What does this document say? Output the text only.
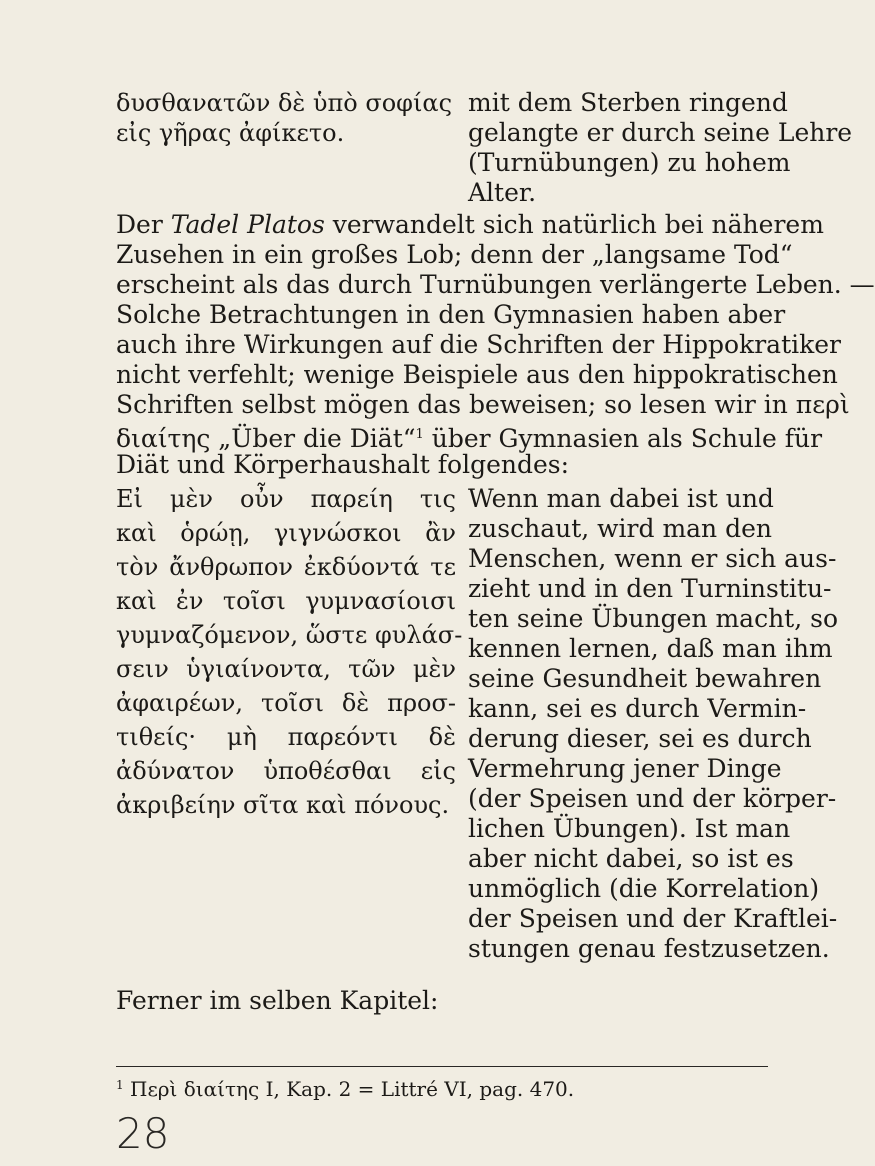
δυσθανατῶν δὲ ὑπὸ σοφίας
εἰς γῆρας ἀφίκετο.
mit dem Sterben ringend
gelangte er durch seine Lehre
(Turnübungen) zu hohem
Alter.
Der Tadel Platos verwandelt sich natürlich bei näherem
Zusehen in ein großes Lob; denn der „langsame Tod“
erscheint als das durch Turnübungen verlängerte Leben. —
Solche Betrachtungen in den Gymnasien haben aber
auch ihre Wirkungen auf die Schriften der Hippokratiker
nicht verfehlt; wenige Beispiele aus den hippokratischen
Schriften selbst mögen das beweisen; so lesen wir in περὶ
διαίτης „Über die Diät“$^1$ über Gymnasien als Schule für
Diät und Körperhaushalt folgendes:
Εἰ μὲν οὖν παρείη τις
καὶ ὁρώῃ, γιγνώσκοι ἂν
τὸν ἄνθρωπον ἐκδύοντά τε
καὶ ἐν τοῖσι γυμνασίοισι
γυμναζόμενον, ὥστε φυλάσ-
σειν ὑγιαίνοντα, τῶν μὲν
ἀφαιρέων, τοῖσι δὲ προσ-
τιθείς· μὴ παρεόντι δὲ
ἀδύνατον ὑποθέσθαι εἰς
ἀκριβείην σῖτα καὶ πόνους.
Wenn man dabei ist und
zuschaut, wird man den
Menschen, wenn er sich aus-
zieht und in den Turninstitu-
ten seine Übungen macht, so
kennen lernen, daß man ihm
seine Gesundheit bewahren
kann, sei es durch Vermin-
derung dieser, sei es durch
Vermehrung jener Dinge
(der Speisen und der körper-
lichen Übungen). Ist man
aber nicht dabei, so ist es
unmöglich (die Korrelation)
der Speisen und der Kraftlei-
stungen genau festzusetzen.
Ferner im selben Kapitel:
$^1$ Περὶ διαίτης I, Kap. 2 = Littré VI, pag. 470.
28
